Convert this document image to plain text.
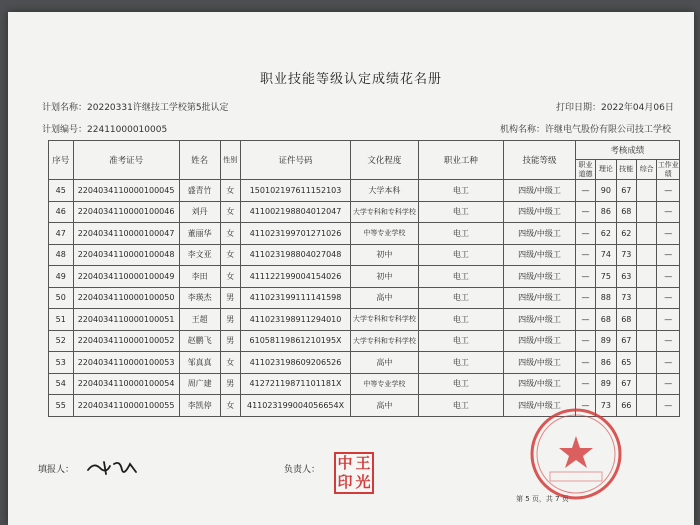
职业技能等级认定成绩花名册
计划名称：20220331许继技工学校第5批认定	打印日期：2022年04月06日
计划编号：22411000010005	机构名称：许继电气股份有限公司技工学校
序号	准考证号	姓名	性别	证件号码	文化程度	职业工种	技能等级	考核成绩				
								职业道德	理论	技能	综合	工作业绩
45	220403411000010004​5	盛青竹	女	150102197611152103	大学本科	电工	四级/中级工	—	90	67		—
46	2204034110000100046	刘丹	女	411002198804012047	大学专科和专科学校	电工	四级/中级工	—	86	68		—
47	2204034110000100047	董丽华	女	411023199701271026	中等专业学校	电工	四级/中级工	—	62	62		—
48	2204034110000100048	李文亚	女	411023198804027048	初中	电工	四级/中级工	—	74	73		—
49	2204034110000100049	李田	女	411122199004154026	初中	电工	四级/中级工	—	75	63		—
50	2204034110000100050	李瑛杰	男	411023199111141598	高中	电工	四级/中级工	—	88	73		—
51	2204034110000100051	王超	男	411023198911294010	大学专科和专科学校	电工	四级/中级工	—	68	68		—
52	2204034110000100052	赵鹏飞	男	61058119861210195X	大学专科和专科学校	电工	四级/中级工	—	89	67		—
53	2204034110000100053	邹真真	女	411023198609206526	高中	电工	四级/中级工	—	86	65		—
54	2204034110000100054	周广建	男	41272119871101181X	中等专业学校	电工	四级/中级工	—	89	67		—
55	2204034110000100055	李凯停	女	411023199004056654X	高中	电工	四级/中级工	—	73	66		—
填报人：	负责人： 中 王
印 光
第 5 页，共 7 页
